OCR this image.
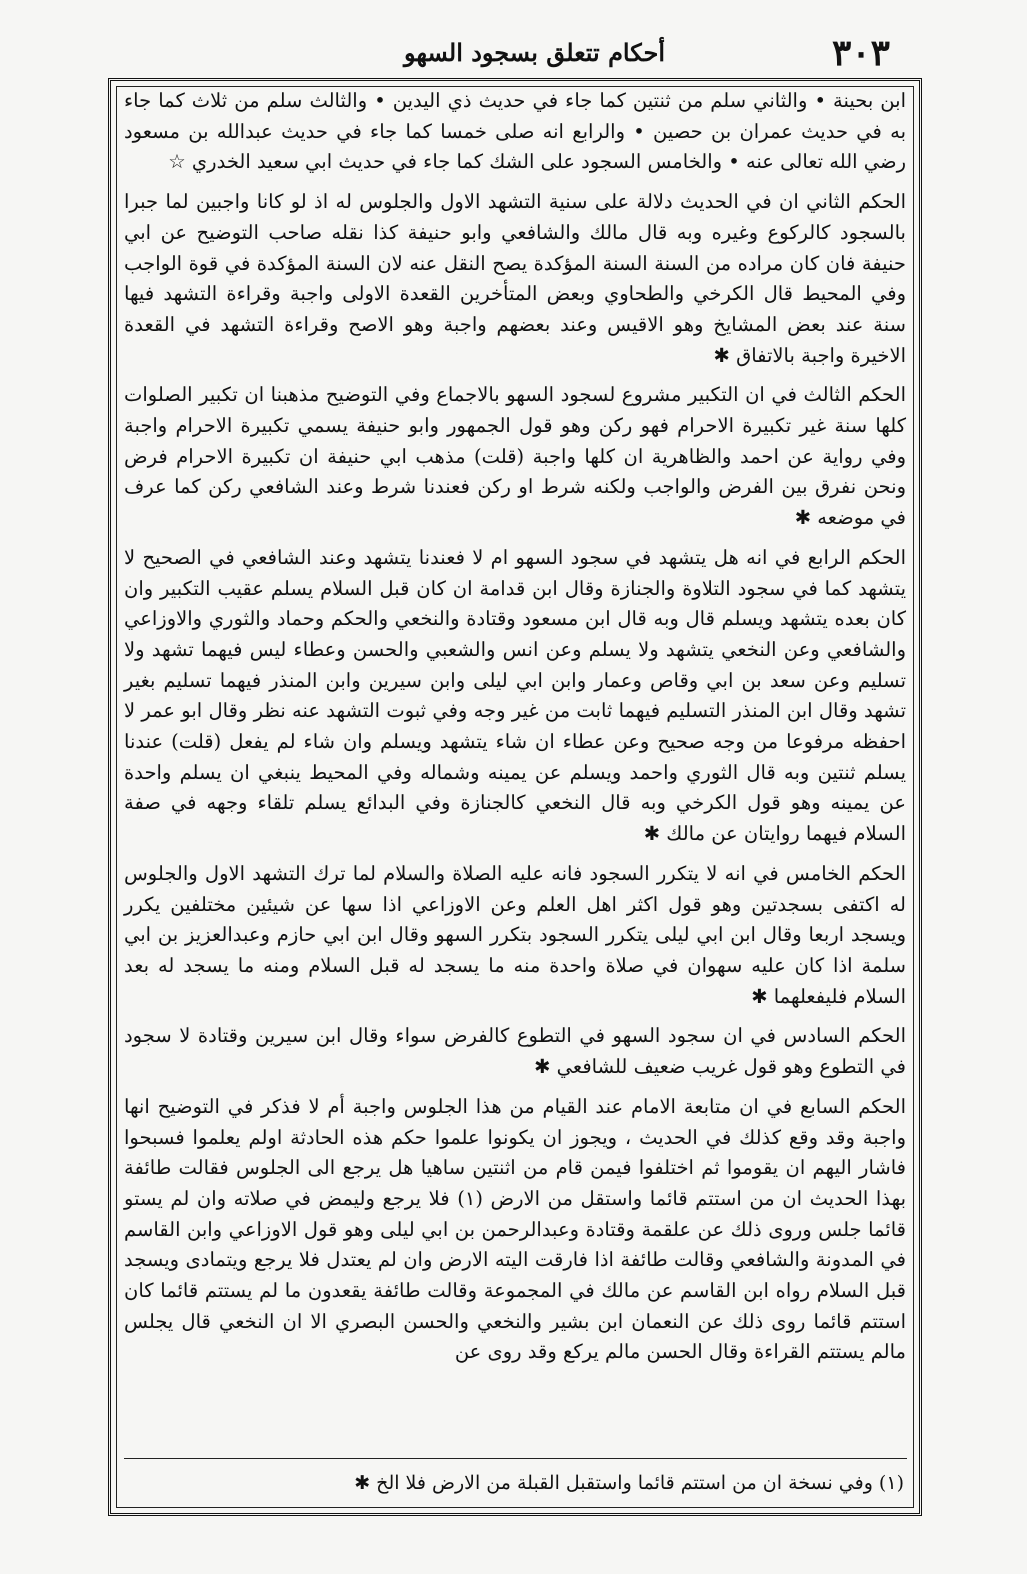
٣٠٣
أحكام تتعلق بسجود السهو

ابن بحينة • والثاني سلم من ثنتين كما جاء في حديث ذي اليدين • والثالث سلم من ثلاث كما جاء به في حديث عمران بن حصين • والرابع انه صلى خمسا كما جاء في حديث عبدالله بن مسعود رضي الله تعالى عنه • والخامس السجود على الشك كما جاء في حديث ابي سعيد الخدري ☆

الحكم الثاني ان في الحديث دلالة على سنية التشهد الاول والجلوس له اذ لو كانا واجبين لما جبرا بالسجود كالركوع وغيره وبه قال مالك والشافعي وابو حنيفة كذا نقله صاحب التوضيح عن ابي حنيفة فان كان مراده من السنة السنة المؤكدة يصح النقل عنه لان السنة المؤكدة في قوة الواجب وفي المحيط قال الكرخي والطحاوي وبعض المتأخرين القعدة الاولى واجبة وقراءة التشهد فيها سنة عند بعض المشايخ وهو الاقيس وعند بعضهم واجبة وهو الاصح وقراءة التشهد في القعدة الاخيرة واجبة بالاتفاق ✱

الحكم الثالث في ان التكبير مشروع لسجود السهو بالاجماع وفي التوضيح مذهبنا ان تكبير الصلوات كلها سنة غير تكبيرة الاحرام فهو ركن وهو قول الجمهور وابو حنيفة يسمي تكبيرة الاحرام واجبة وفي رواية عن احمد والظاهرية ان كلها واجبة (قلت) مذهب ابي حنيفة ان تكبيرة الاحرام فرض ونحن نفرق بين الفرض والواجب ولكنه شرط او ركن فعندنا شرط وعند الشافعي ركن كما عرف في موضعه ✱

الحكم الرابع في انه هل يتشهد في سجود السهو ام لا فعندنا يتشهد وعند الشافعي في الصحيح لا يتشهد كما في سجود التلاوة والجنازة وقال ابن قدامة ان كان قبل السلام يسلم عقيب التكبير وان كان بعده يتشهد ويسلم قال وبه قال ابن مسعود وقتادة والنخعي والحكم وحماد والثوري والاوزاعي والشافعي وعن النخعي يتشهد ولا يسلم وعن انس والشعبي والحسن وعطاء ليس فيهما تشهد ولا تسليم وعن سعد بن ابي وقاص وعمار وابن ابي ليلى وابن سيرين وابن المنذر فيهما تسليم بغير تشهد وقال ابن المنذر التسليم فيهما ثابت من غير وجه وفي ثبوت التشهد عنه نظر وقال ابو عمر لا احفظه مرفوعا من وجه صحيح وعن عطاء ان شاء يتشهد ويسلم وان شاء لم يفعل (قلت) عندنا يسلم ثنتين وبه قال الثوري واحمد ويسلم عن يمينه وشماله وفي المحيط ينبغي ان يسلم واحدة عن يمينه وهو قول الكرخي وبه قال النخعي كالجنازة وفي البدائع يسلم تلقاء وجهه في صفة السلام فيهما روايتان عن مالك ✱

الحكم الخامس في انه لا يتكرر السجود فانه عليه الصلاة والسلام لما ترك التشهد الاول والجلوس له اكتفى بسجدتين وهو قول اكثر اهل العلم وعن الاوزاعي اذا سها عن شيئين مختلفين يكرر ويسجد اربعا وقال ابن ابي ليلى يتكرر السجود بتكرر السهو وقال ابن ابي حازم وعبدالعزيز بن ابي سلمة اذا كان عليه سهوان في صلاة واحدة منه ما يسجد له قبل السلام ومنه ما يسجد له بعد السلام فليفعلهما ✱

الحكم السادس في ان سجود السهو في التطوع كالفرض سواء وقال ابن سيرين وقتادة لا سجود في التطوع وهو قول غريب ضعيف للشافعي ✱

الحكم السابع في ان متابعة الامام عند القيام من هذا الجلوس واجبة أم لا فذكر في التوضيح انها واجبة وقد وقع كذلك في الحديث ، ويجوز ان يكونوا علموا حكم هذه الحادثة اولم يعلموا فسبحوا فاشار اليهم ان يقوموا ثم اختلفوا فيمن قام من اثنتين ساهيا هل يرجع الى الجلوس فقالت طائفة بهذا الحديث ان من استتم قائما واستقل من الارض (١) فلا يرجع وليمض في صلاته وان لم يستو قائما جلس وروى ذلك عن علقمة وقتادة وعبدالرحمن بن ابي ليلى وهو قول الاوزاعي وابن القاسم في المدونة والشافعي وقالت طائفة اذا فارقت اليته الارض وان لم يعتدل فلا يرجع ويتمادى ويسجد قبل السلام رواه ابن القاسم عن مالك في المجموعة وقالت طائفة يقعدون ما لم يستتم قائما كان استتم قائما روى ذلك عن النعمان ابن بشير والنخعي والحسن البصري الا ان النخعي قال يجلس مالم يستتم القراءة وقال الحسن مالم يركع وقد روى عن

(١) وفي نسخة ان من استتم قائما واستقبل القبلة من الارض فلا الخ ✱
